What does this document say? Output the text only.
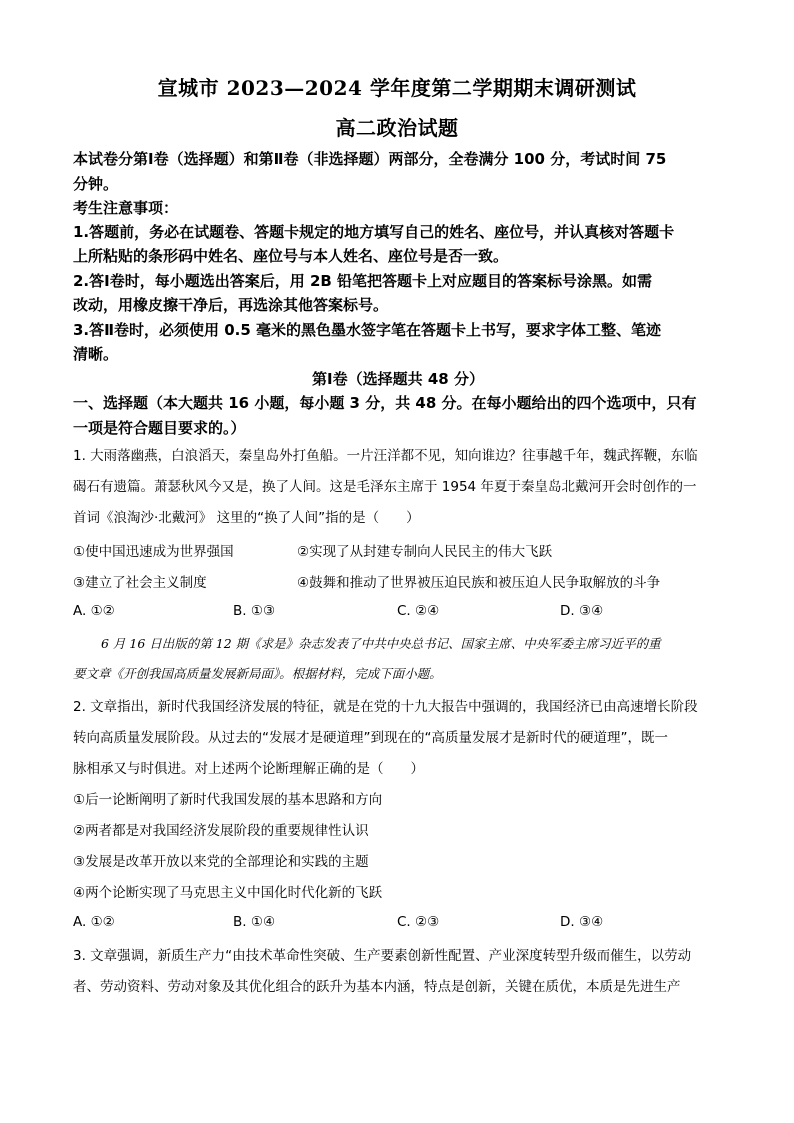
宣城市 2023—2024 学年度第二学期期末调研测试
高二政治试题
本试卷分第Ⅰ卷（选择题）和第Ⅱ卷（非选择题）两部分，全卷满分 100 分，考试时间 75
分钟。
考生注意事项：
1.答题前，务必在试题卷、答题卡规定的地方填写自己的姓名、座位号，并认真核对答题卡
上所粘贴的条形码中姓名、座位号与本人姓名、座位号是否一致。
2.答Ⅰ卷时，每小题选出答案后，用 2B 铅笔把答题卡上对应题目的答案标号涂黑。如需
改动，用橡皮擦干净后，再选涂其他答案标号。
3.答Ⅱ卷时，必须使用 0.5 毫米的黑色墨水签字笔在答题卡上书写，要求字体工整、笔迹
清晰。
第Ⅰ卷（选择题共 48 分）
一、选择题（本大题共 16 小题，每小题 3 分，共 48 分。在每小题给出的四个选项中，只有
一项是符合题目要求的。）
1. 大雨落幽燕，白浪滔天，秦皇岛外打鱼船。一片汪洋都不见，知向谁边？往事越千年，魏武挥鞭，东临
碣石有遗篇。萧瑟秋风今又是，换了人间。这是毛泽东主席于 1954 年夏于秦皇岛北戴河开会时创作的一
首词《浪淘沙·北戴河》 这里的“换了人间”指的是（　　）
①使中国迅速成为世界强国	②实现了从封建专制向人民民主的伟大飞跃
③建立了社会主义制度	④鼓舞和推动了世界被压迫民族和被压迫人民争取解放的斗争
A. ①②	B. ①③	C. ②④	D. ③④
6 月 16 日出版的第 12 期《求是》杂志发表了中共中央总书记、国家主席、中央军委主席习近平的重
要文章《开创我国高质量发展新局面》。根据材料，完成下面小题。
2. 文章指出，新时代我国经济发展的特征，就是在党的十九大报告中强调的，我国经济已由高速增长阶段
转向高质量发展阶段。从过去的“发展才是硬道理”到现在的“高质量发展才是新时代的硬道理”，既一
脉相承又与时俱进。对上述两个论断理解正确的是（　　）
①后一论断阐明了新时代我国发展的基本思路和方向
②两者都是对我国经济发展阶段的重要规律性认识
③发展是改革开放以来党的全部理论和实践的主题
④两个论断实现了马克思主义中国化时代化新的飞跃
A. ①②	B. ①④	C. ②③	D. ③④
3. 文章强调，新质生产力“由技术革命性突破、生产要素创新性配置、产业深度转型升级而催生，以劳动
者、劳动资料、劳动对象及其优化组合的跃升为基本内涵，特点是创新，关键在质优，本质是先进生产
